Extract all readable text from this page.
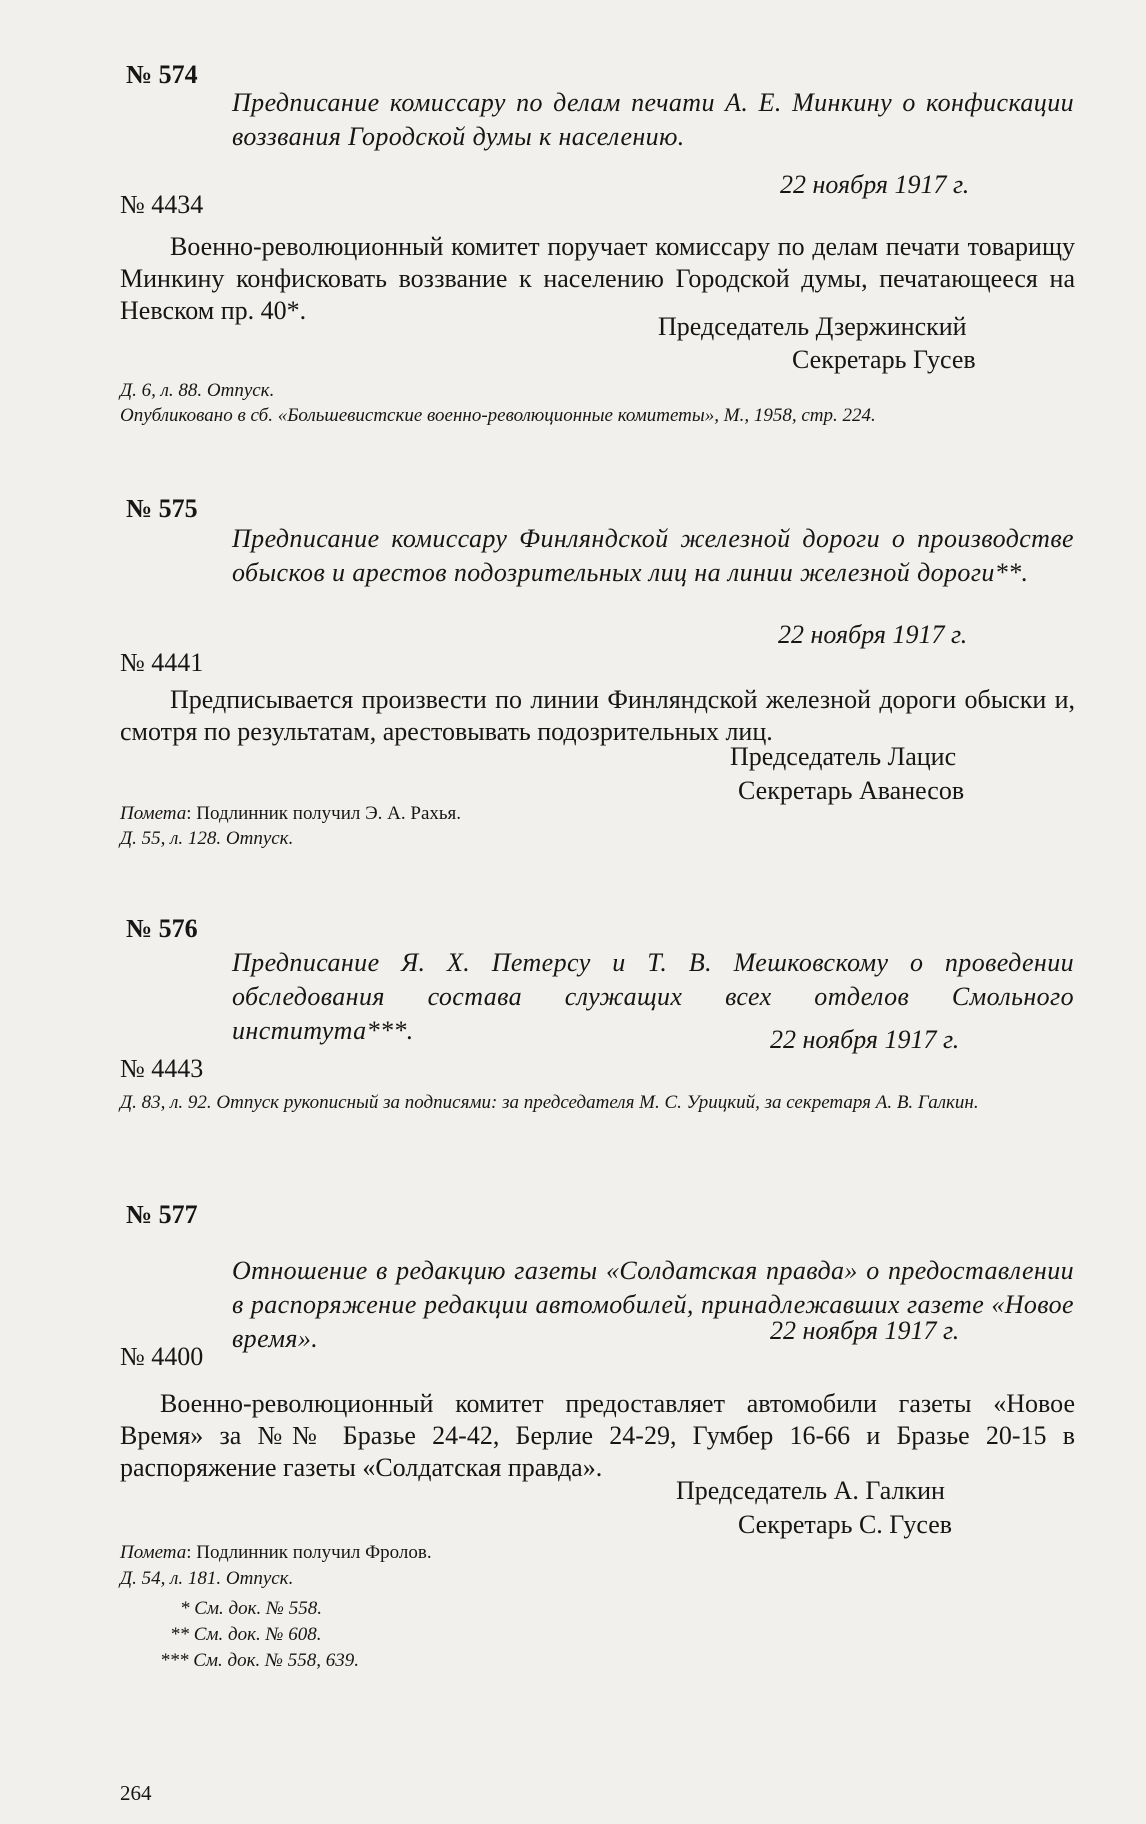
№ 574
Предписание комиссару по делам печати А. Е. Минкину о конфискации воззвания Городской думы к населению.
22 ноября 1917 г.
№ 4434
Военно-революционный комитет поручает комиссару по делам печати товарищу Минкину конфисковать воззвание к населению Городской думы, печатающееся на Невском пр. 40*.
Председатель Дзержинский
Секретарь Гусев
Д. 6, л. 88. Отпуск.
Опубликовано в сб. «Большевистские военно-революционные комитеты», М., 1958, стр. 224.
№ 575
Предписание комиссару Финляндской железной дороги о производстве обысков и арестов подозрительных лиц на линии железной дороги**.
22 ноября 1917 г.
№ 4441
Предписывается произвести по линии Финляндской железной дороги обыски и, смотря по результатам, арестовывать подозрительных лиц.
Председатель Лацис
Секретарь Аванесов
Помета: Подлинник получил Э. А. Рахья.
Д. 55, л. 128. Отпуск.
№ 576
Предписание Я. Х. Петерсу и Т. В. Мешковскому о проведении обследования состава служащих всех отделов Смольного института***.	22 ноября 1917 г.
№ 4443
Д. 83, л. 92. Отпуск рукописный за подписями: за председателя М. С. Урицкий, за секретаря А. В. Галкин.
№ 577
Отношение в редакцию газеты «Солдатская правда» о предоставлении в распоряжение редакции автомобилей, принадлежавших газете «Новое время».	22 ноября 1917 г.
№ 4400
Военно-революционный комитет предоставляет автомобили газеты «Новое Время» за №№ Бразье 24-42, Берлие 24-29, Гумбер 16-66 и Бразье 20-15 в распоряжение газеты «Солдатская правда».
Председатель А. Галкин
Секретарь С. Гусев
Помета: Подлинник получил Фролов.
Д. 54, л. 181. Отпуск.
* См. док. № 558.
** См. док. № 608.
*** См. док. № 558, 639.
264
